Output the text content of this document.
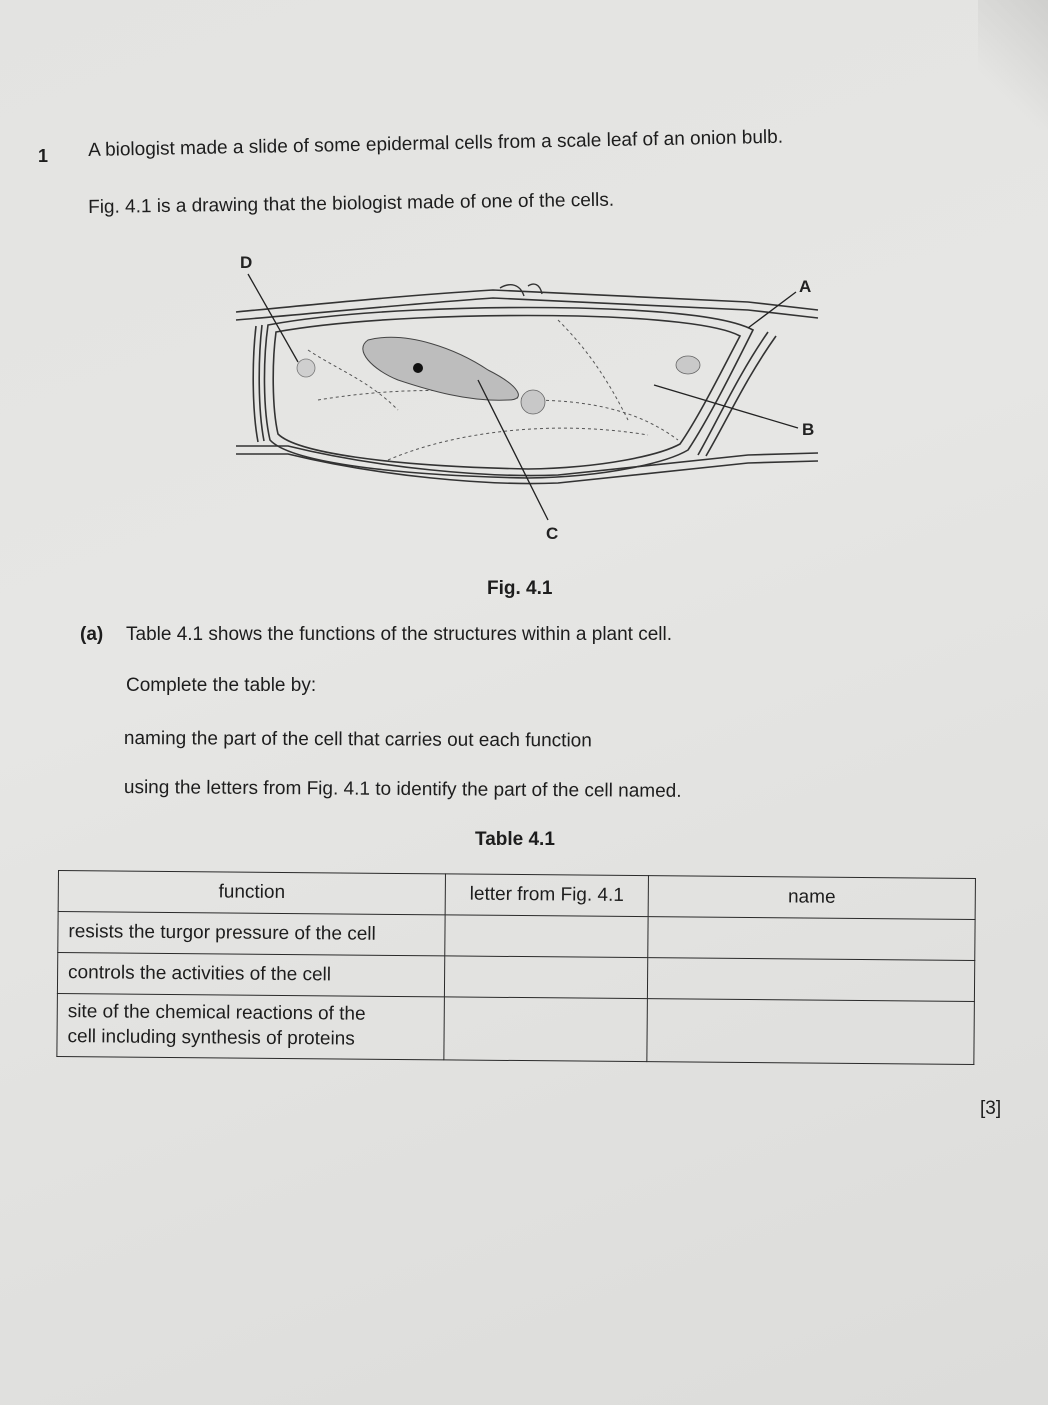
1 A biologist made a slide of some epidermal cells from a scale leaf of an onion bulb.
Fig. 4.1 is a drawing that the biologist made of one of the cells.
D
A
B
C
Fig. 4.1
(a) Table 4.1 shows the functions of the structures within a plant cell.
Complete the table by:
naming the part of the cell that carries out each function
using the letters from Fig. 4.1 to identify the part of the cell named.
Table 4.1
function	letter from Fig. 4.1	name
resists the turgor pressure of the cell		
controls the activities of the cell		
site of the chemical reactions of the
cell including synthesis of proteins		
[3]
